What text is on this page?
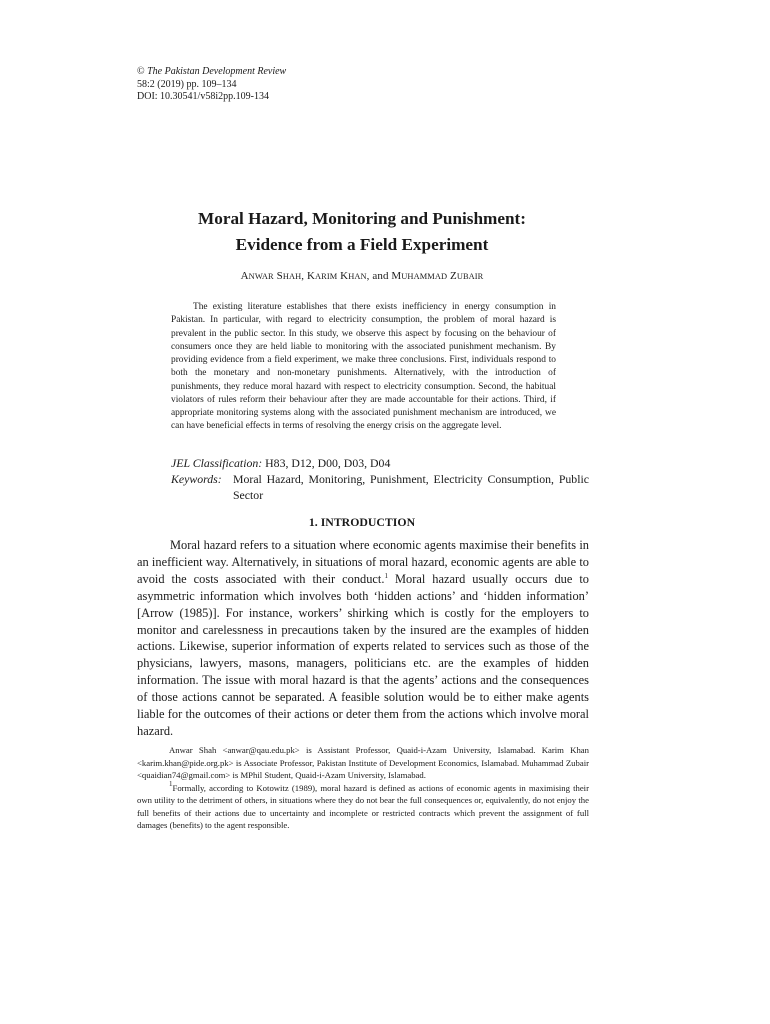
© The Pakistan Development Review
58:2 (2019) pp. 109–134
DOI: 10.30541/v58i2pp.109-134
Moral Hazard, Monitoring and Punishment:
Evidence from a Field Experiment
ANWAR SHAH, KARIM KHAN, and MUHAMMAD ZUBAIR

The existing literature establishes that there exists inefficiency in energy consumption in Pakistan. In particular, with regard to electricity consumption, the problem of moral hazard is prevalent in the public sector. In this study, we observe this aspect by focusing on the behaviour of consumers once they are held liable to monitoring with the associated punishment mechanism. By providing evidence from a field experiment, we make three conclusions. First, individuals respond to both the monetary and non-monetary punishments. Alternatively, with the introduction of punishments, they reduce moral hazard with respect to electricity consumption. Second, the habitual violators of rules reform their behaviour after they are made accountable for their actions. Third, if appropriate monitoring systems along with the associated punishment mechanism are introduced, we can have beneficial effects in terms of resolving the energy crisis on the aggregate level.

JEL Classification: H83, D12, D00, D03, D04
Keywords: Moral Hazard, Monitoring, Punishment, Electricity Consumption, Public Sector
1. INTRODUCTION

Moral hazard refers to a situation where economic agents maximise their benefits in an inefficient way. Alternatively, in situations of moral hazard, economic agents are able to avoid the costs associated with their conduct.$^1$ Moral hazard usually occurs due to asymmetric information which involves both ‘hidden actions’ and ‘hidden information’ [Arrow (1985)]. For instance, workers’ shirking which is costly for the employers to monitor and carelessness in precautions taken by the insured are the examples of hidden actions. Likewise, superior information of experts related to services such as those of the physicians, lawyers, masons, managers, politicians etc. are the examples of hidden information. The issue with moral hazard is that the agents’ actions and the consequences of those actions cannot be separated. A feasible solution would be to either make agents liable for the outcomes of their actions or deter them from the actions which involve moral hazard.

Anwar Shah <anwar@qau.edu.pk> is Assistant Professor, Quaid-i-Azam University, Islamabad. Karim Khan <karim.khan@pide.org.pk> is Associate Professor, Pakistan Institute of Development Economics, Islamabad. Muhammad Zubair <quaidian74@gmail.com> is MPhil Student, Quaid-i-Azam University, Islamabad.

$^1$Formally, according to Kotowitz (1989), moral hazard is defined as actions of economic agents in maximising their own utility to the detriment of others, in situations where they do not bear the full consequences or, equivalently, do not enjoy the full benefits of their actions due to uncertainty and incomplete or restricted contracts which prevent the assignment of full damages (benefits) to the agent responsible.
